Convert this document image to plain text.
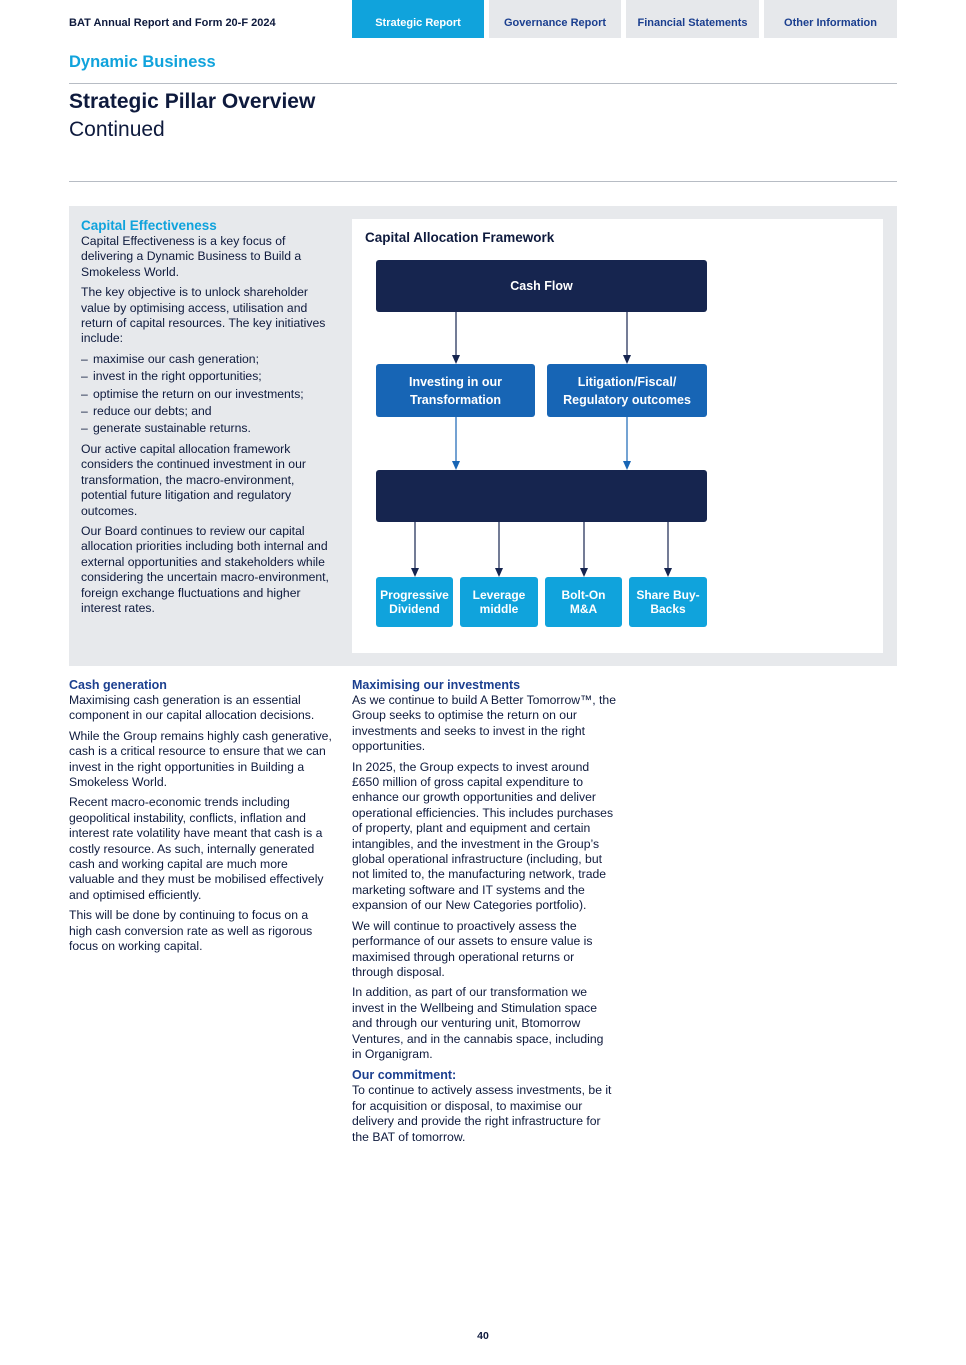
BAT Annual Report and Form 20-F 2024	Strategic Report	Governance Report	Financial Statements	Other Information
Dynamic Business
Strategic Pillar Overview
Continued
Capital Effectiveness

Capital Effectiveness is a key focus of delivering a Dynamic Business to Build a Smokeless World.

The key objective is to unlock shareholder value by optimising access, utilisation and return of capital resources. The key initiatives include:

– maximise our cash generation;
– invest in the right opportunities;
– optimise the return on our investments;
– reduce our debts; and
– generate sustainable returns.

Our active capital allocation framework considers the continued investment in our transformation, the macro-environment, potential future litigation and regulatory outcomes.

Our Board continues to review our capital allocation priorities including both internal and external opportunities and stakeholders while considering the uncertain macro-environment, foreign exchange fluctuations and higher interest rates.

Capital Allocation Framework
Cash Flow
Investing in our Transformation
Litigation/Fiscal/ Regulatory outcomes
Progressive Dividend
Leverage middle
Bolt-On M&A
Share Buy-Backs
Cash generation

Maximising cash generation is an essential component in our capital allocation decisions.

While the Group remains highly cash generative, cash is a critical resource to ensure that we can invest in the right opportunities in Building a Smokeless World.

Recent macro-economic trends including geopolitical instability, conflicts, inflation and interest rate volatility have meant that cash is a costly resource. As such, internally generated cash and working capital are much more valuable and they must be mobilised effectively and optimised efficiently.

This will be done by continuing to focus on a high cash conversion rate as well as rigorous focus on working capital.

Maximising our investments

As we continue to build A Better Tomorrow™, the Group seeks to optimise the return on our investments and seeks to invest in the right opportunities.

In 2025, the Group expects to invest around £650 million of gross capital expenditure to enhance our growth opportunities and deliver operational efficiencies. This includes purchases of property, plant and equipment and certain intangibles, and the investment in the Group’s global operational infrastructure (including, but not limited to, the manufacturing network, trade marketing software and IT systems and the expansion of our New Categories portfolio).

We will continue to proactively assess the performance of our assets to ensure value is maximised through operational returns or through disposal.

In addition, as part of our transformation we invest in the Wellbeing and Stimulation space and through our venturing unit, Btomorrow Ventures, and in the cannabis space, including in Organigram.

Our commitment:

To continue to actively assess investments, be it for acquisition or disposal, to maximise our delivery and provide the right infrastructure for the BAT of tomorrow.

40
